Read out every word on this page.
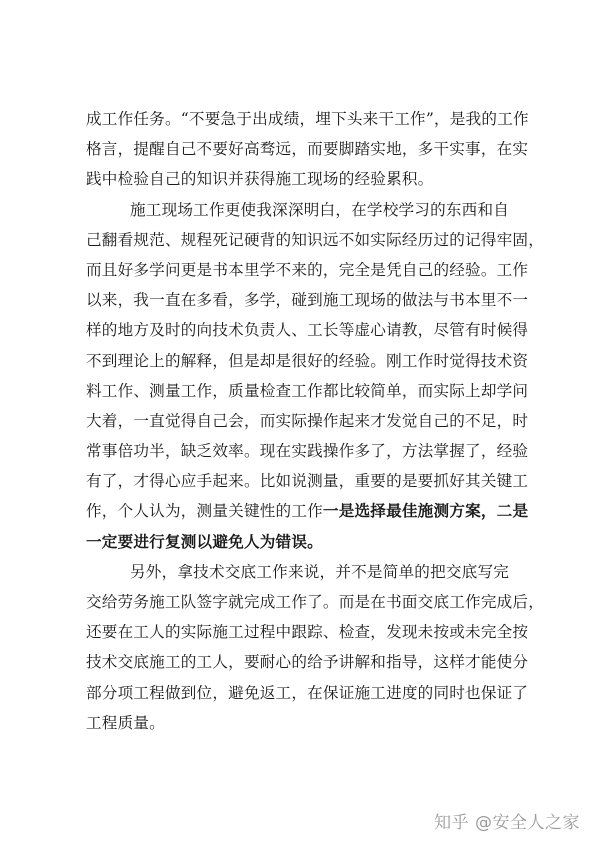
成工作任务。“不要急于出成绩，埋下头来干工作”，是我的工作
格言，提醒自己不要好高骛远，而要脚踏实地，多干实事，在实
践中检验自己的知识并获得施工现场的经验累积。
施工现场工作更使我深深明白，在学校学习的东西和自
己翻看规范、规程死记硬背的知识远不如实际经历过的记得牢固，
而且好多学问更是书本里学不来的，完全是凭自己的经验。工作
以来，我一直在多看，多学，碰到施工现场的做法与书本里不一
样的地方及时的向技术负责人、工长等虚心请教，尽管有时候得
不到理论上的解释，但是却是很好的经验。刚工作时觉得技术资
料工作、测量工作，质量检查工作都比较简单，而实际上却学问
大着，一直觉得自己会，而实际操作起来才发觉自己的不足，时
常事倍功半，缺乏效率。现在实践操作多了，方法掌握了，经验
有了，才得心应手起来。比如说测量，重要的是要抓好其关键工
作，个人认为，测量关键性的工作一是选择最佳施测方案，二是
一定要进行复测以避免人为错误。
另外，拿技术交底工作来说，并不是简单的把交底写完
交给劳务施工队签字就完成工作了。而是在书面交底工作完成后，
还要在工人的实际施工过程中跟踪、检查，发现未按或未完全按
技术交底施工的工人，要耐心的给予讲解和指导，这样才能使分
部分项工程做到位，避免返工，在保证施工进度的同时也保证了
工程质量。
知乎 @安全人之家
